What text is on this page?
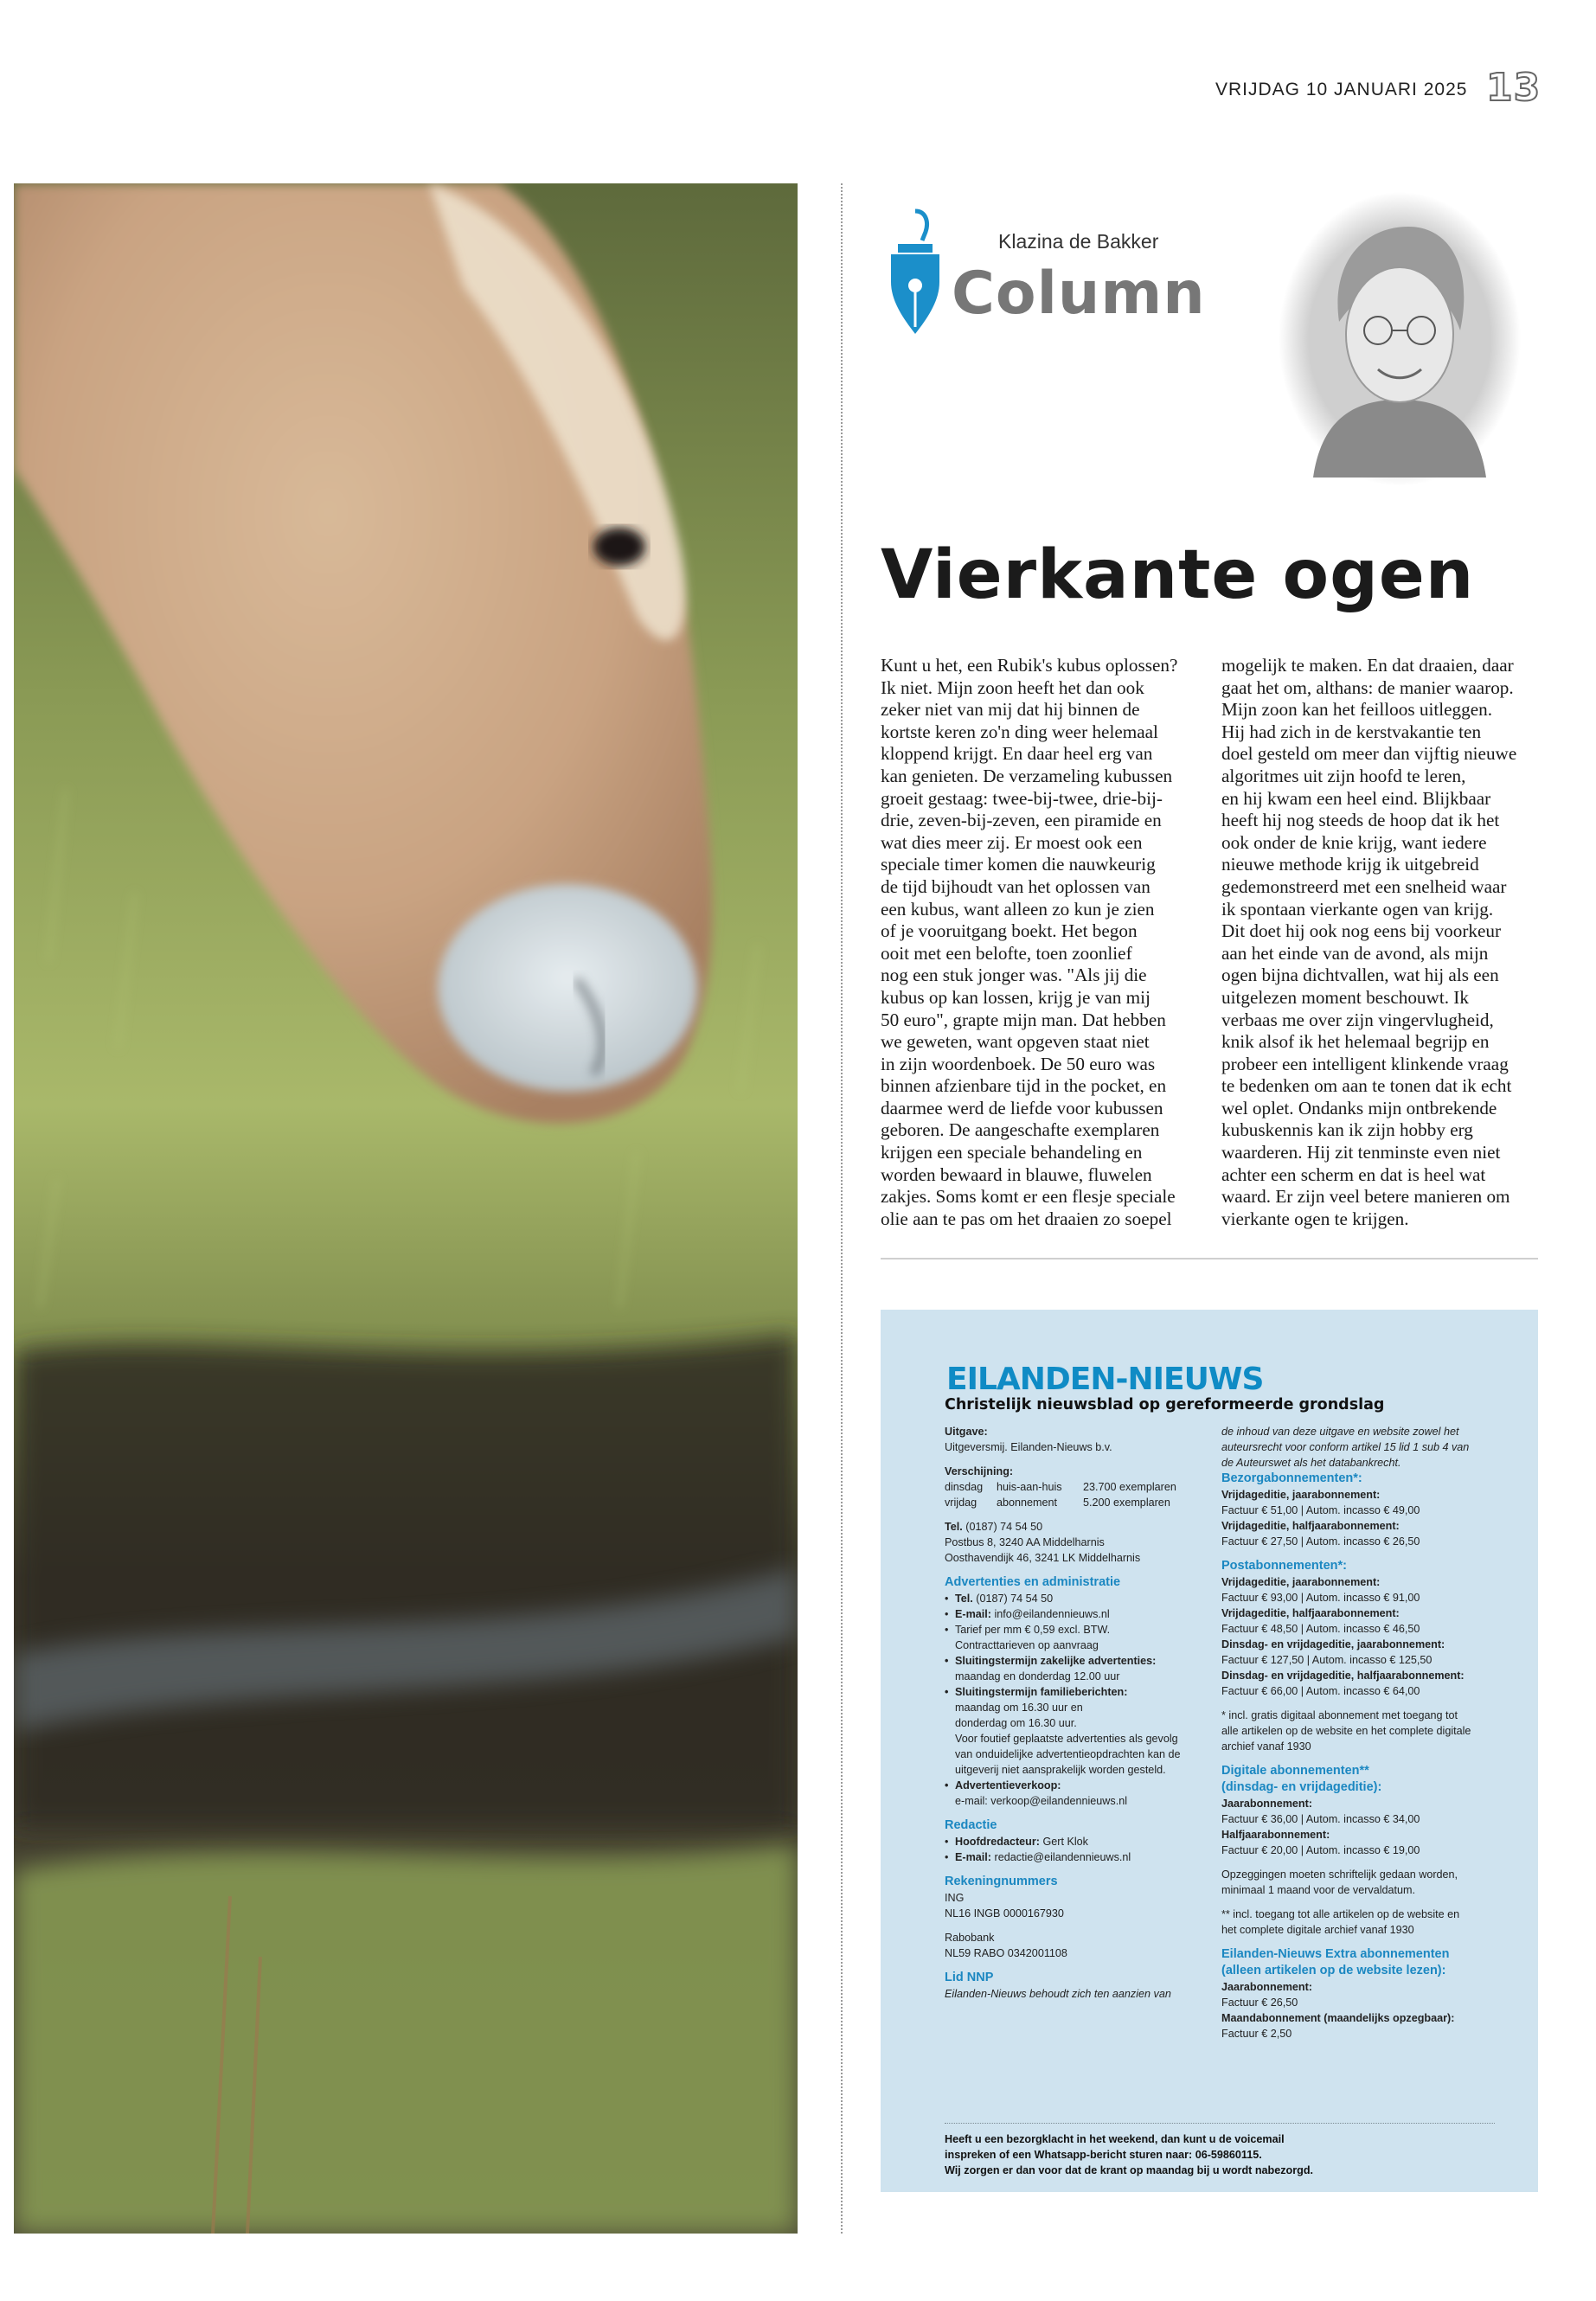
VRIJDAG 10 JANUARI 2025 13
Klazina de Bakker
Column
Vierkante ogen
Kunt u het, een Rubik's kubus oplossen?
Ik niet. Mijn zoon heeft het dan ook
zeker niet van mij dat hij binnen de
kortste keren zo'n ding weer helemaal
kloppend krijgt. En daar heel erg van
kan genieten. De verzameling kubussen
groeit gestaag: twee-bij-twee, drie-bij-
drie, zeven-bij-zeven, een piramide en
wat dies meer zij. Er moest ook een
speciale timer komen die nauwkeurig
de tijd bijhoudt van het oplossen van
een kubus, want alleen zo kun je zien
of je vooruitgang boekt. Het begon
ooit met een belofte, toen zoonlief
nog een stuk jonger was. "Als jij die
kubus op kan lossen, krijg je van mij
50 euro", grapte mijn man. Dat hebben
we geweten, want opgeven staat niet
in zijn woordenboek. De 50 euro was
binnen afzienbare tijd in the pocket, en
daarmee werd de liefde voor kubussen
geboren. De aangeschafte exemplaren
krijgen een speciale behandeling en
worden bewaard in blauwe, fluwelen
zakjes. Soms komt er een flesje speciale
olie aan te pas om het draaien zo soepel
mogelijk te maken. En dat draaien, daar
gaat het om, althans: de manier waarop.
Mijn zoon kan het feilloos uitleggen.
Hij had zich in de kerstvakantie ten
doel gesteld om meer dan vijftig nieuwe
algoritmes uit zijn hoofd te leren,
en hij kwam een heel eind. Blijkbaar
heeft hij nog steeds de hoop dat ik het
ook onder de knie krijg, want iedere
nieuwe methode krijg ik uitgebreid
gedemonstreerd met een snelheid waar
ik spontaan vierkante ogen van krijg.
Dit doet hij ook nog eens bij voorkeur
aan het einde van de avond, als mijn
ogen bijna dichtvallen, wat hij als een
uitgelezen moment beschouwt. Ik
verbaas me over zijn vingervlugheid,
knik alsof ik het helemaal begrijp en
probeer een intelligent klinkende vraag
te bedenken om aan te tonen dat ik echt
wel oplet. Ondanks mijn ontbrekende
kubuskennis kan ik zijn hobby erg
waarderen. Hij zit tenminste even niet
achter een scherm en dat is heel wat
waard. Er zijn veel betere manieren om
vierkante ogen te krijgen.
EILANDEN-NIEUWS
Christelijk nieuwsblad op gereformeerde grondslag
Uitgave:
Uitgeversmij. Eilanden-Nieuws b.v.
Verschijning:
dinsdag huis-aan-huis 23.700 exemplaren
vrijdag abonnement 5.200 exemplaren
Tel. (0187) 74 54 50
Postbus 8, 3240 AA Middelharnis
Oosthavendijk 46, 3241 LK Middelharnis
Advertenties en administratie
• Tel. (0187) 74 54 50
• E-mail: info@eilandennieuws.nl
• Tarief per mm € 0,59 excl. BTW.
Contracttarieven op aanvraag
• Sluitingstermijn zakelijke advertenties:
maandag en donderdag 12.00 uur
• Sluitingstermijn familieberichten:
maandag om 16.30 uur en
donderdag om 16.30 uur.
Voor foutief geplaatste advertenties als gevolg
van onduidelijke advertentieopdrachten kan de
uitgeverij niet aansprakelijk worden gesteld.
• Advertentieverkoop:
e-mail: verkoop@eilandennieuws.nl
Redactie
• Hoofdredacteur: Gert Klok
• E-mail: redactie@eilandennieuws.nl
Rekeningnummers
ING
NL16 INGB 0000167930
Rabobank
NL59 RABO 0342001108
Lid NNP
Eilanden-Nieuws behoudt zich ten aanzien van
de inhoud van deze uitgave en website zowel het
auteursrecht voor conform artikel 15 lid 1 sub 4 van
de Auteurswet als het databankrecht.
Bezorgabonnementen*:
Vrijdageditie, jaarabonnement:
Factuur € 51,00 | Autom. incasso € 49,00
Vrijdageditie, halfjaarabonnement:
Factuur € 27,50 | Autom. incasso € 26,50
Postabonnementen*:
Vrijdageditie, jaarabonnement:
Factuur € 93,00 | Autom. incasso € 91,00
Vrijdageditie, halfjaarabonnement:
Factuur € 48,50 | Autom. incasso € 46,50
Dinsdag- en vrijdageditie, jaarabonnement:
Factuur € 127,50 | Autom. incasso € 125,50
Dinsdag- en vrijdageditie, halfjaarabonnement:
Factuur € 66,00 | Autom. incasso € 64,00
* incl. gratis digitaal abonnement met toegang tot
alle artikelen op de website en het complete digitale
archief vanaf 1930
Digitale abonnementen**
(dinsdag- en vrijdageditie):
Jaarabonnement:
Factuur € 36,00 | Autom. incasso € 34,00
Halfjaarabonnement:
Factuur € 20,00 | Autom. incasso € 19,00
Opzeggingen moeten schriftelijk gedaan worden,
minimaal 1 maand voor de vervaldatum.
** incl. toegang tot alle artikelen op de website en
het complete digitale archief vanaf 1930
Eilanden-Nieuws Extra abonnementen
(alleen artikelen op de website lezen):
Jaarabonnement:
Factuur € 26,50
Maandabonnement (maandelijks opzegbaar):
Factuur € 2,50
Heeft u een bezorgklacht in het weekend, dan kunt u de voicemail
inspreken of een Whatsapp-bericht sturen naar: 06-59860115.
Wij zorgen er dan voor dat de krant op maandag bij u wordt nabezorgd.
